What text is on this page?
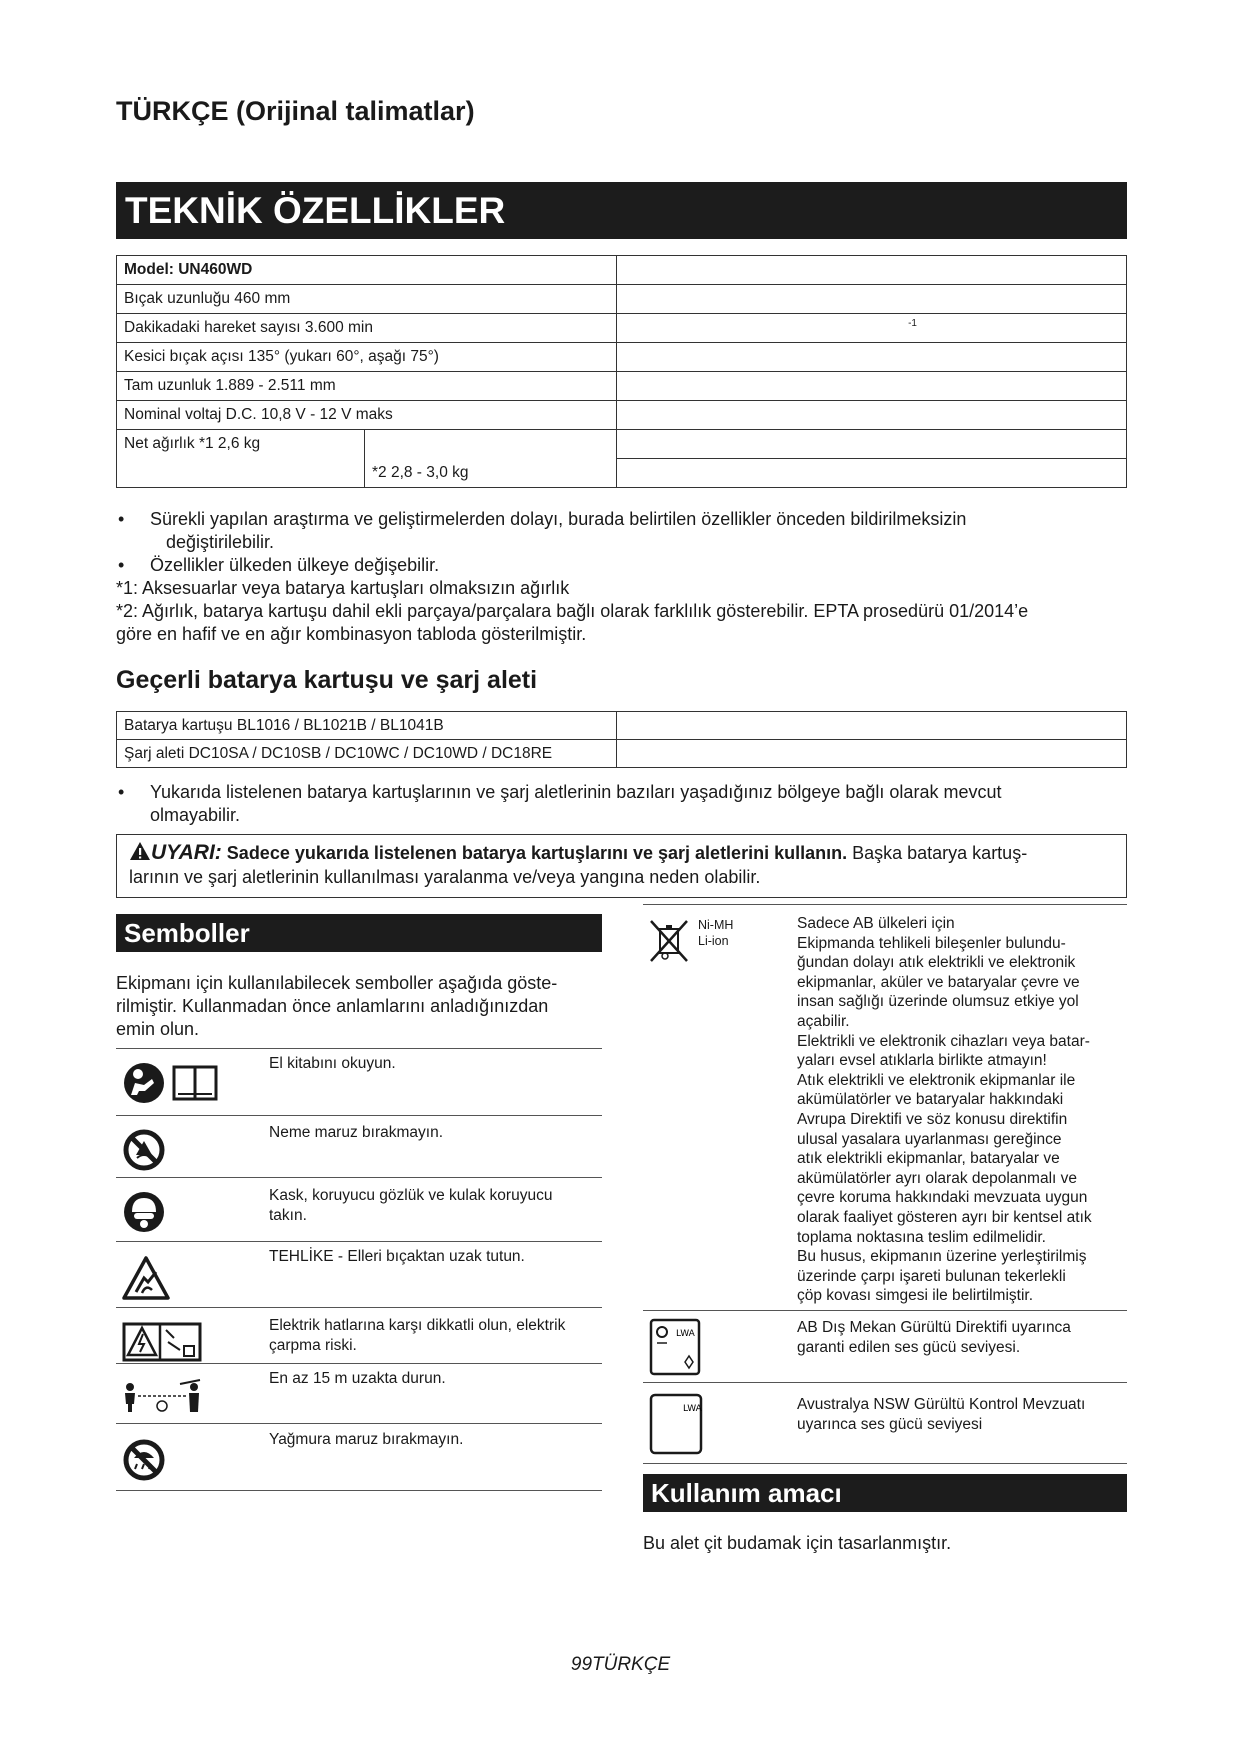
TÜRKÇE (Orijinal talimatlar)
TEKNİK ÖZELLİKLER
Model: UN460WD		
Bıçak uzunluğu 460 mm		
Dakikadaki hareket sayısı 3.600 min		-1

Kesici bıçak açısı 135° (yukarı 60°, aşağı 75°)		
Tam uzunluk 1.889 - 2.511 mm		
Nominal voltaj D.C. 10,8 V - 12 V maks		
Net ağırlık *1 2,6 kg		
	*2 2,8 - 3,0 kg	
•	Sürekli yapılan araştırma ve geliştirmelerden dolayı, burada belirtilen özellikler önceden bildirilmeksizin
değiştirilebilir.
•	Özellikler ülkeden ülkeye değişebilir.
*1: Aksesuarlar veya batarya kartuşları olmaksızın ağırlık
*2: Ağırlık, batarya kartuşu dahil ekli parçaya/parçalara bağlı olarak farklılık gösterebilir. EPTA prosedürü 01/2014’e
göre en hafif ve en ağır kombinasyon tabloda gösterilmiştir.
Geçerli batarya kartuşu ve şarj aleti
Batarya kartuşu BL1016 / BL1021B / BL1041B	
Şarj aleti DC10SA / DC10SB / DC10WC / DC10WD / DC18RE	
•	Yukarıda listelenen batarya kartuşlarının ve şarj aletlerinin bazıları yaşadığınız bölgeye bağlı olarak mevcut
olmayabilir.
UYARI: Sadece yukarıda listelenen batarya kartuşlarını ve şarj aletlerini kullanın. Başka batarya kartuş-
larının ve şarj aletlerinin kullanılması yaralanma ve/veya yangına neden olabilir.
Semboller
Ekipmanı için kullanılabilecek semboller aşağıda göste-
rilmiştir. Kullanmadan önce anlamlarını anladığınızdan
emin olun.
El kitabını okuyun.
Neme maruz bırakmayın.
Kask, koruyucu gözlük ve kulak koruyucu
takın.
TEHLİKE - Elleri bıçaktan uzak tutun.
Elektrik hatlarına karşı dikkatli olun, elektrik
çarpma riski.
En az 15 m uzakta durun.
Yağmura maruz bırakmayın.
Ni-MH
Li-ion
Sadece AB ülkeleri için
Ekipmanda tehlikeli bileşenler bulundu-
ğundan dolayı atık elektrikli ve elektronik
ekipmanlar, aküler ve bataryalar çevre ve
insan sağlığı üzerinde olumsuz etkiye yol
açabilir.
Elektrikli ve elektronik cihazları veya batar-
yaları evsel atıklarla birlikte atmayın!
Atık elektrikli ve elektronik ekipmanlar ile
akümülatörler ve bataryalar hakkındaki
Avrupa Direktifi ve söz konusu direktifin
ulusal yasalara uyarlanması gereğince
atık elektrikli ekipmanlar, bataryalar ve
akümülatörler ayrı olarak depolanmalı ve
çevre koruma hakkındaki mevzuata uygun
olarak faaliyet gösteren ayrı bir kentsel atık
toplama noktasına teslim edilmelidir.
Bu husus, ekipmanın üzerine yerleştirilmiş
üzerinde çarpı işareti bulunan tekerlekli
çöp kovası simgesi ile belirtilmiştir.
LWA	AB Dış Mekan Gürültü Direktifi uyarınca
garanti edilen ses gücü seviyesi.
LWA	Avustralya NSW Gürültü Kontrol Mevzuatı
uyarınca ses gücü seviyesi
Kullanım amacı
Bu alet çit budamak için tasarlanmıştır.
99TÜRKÇE
